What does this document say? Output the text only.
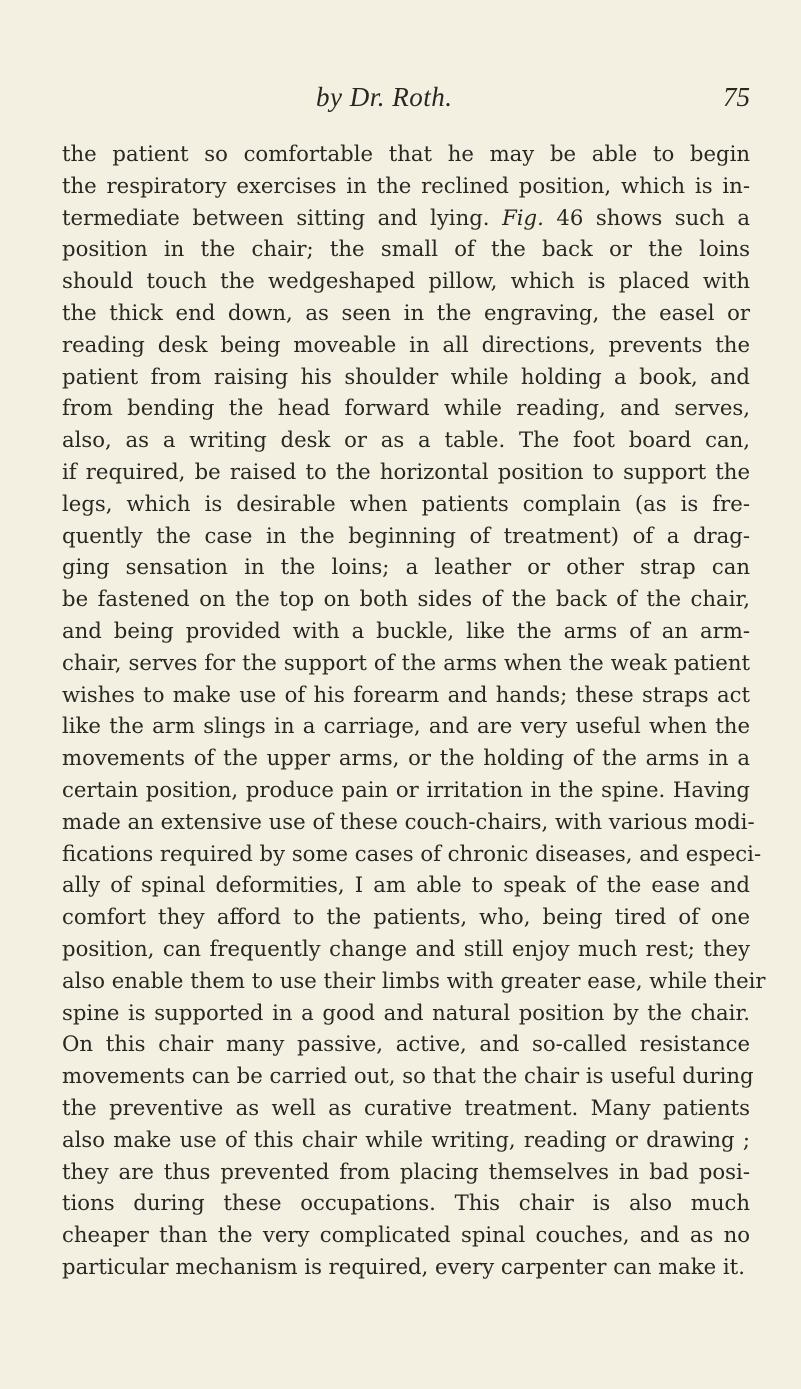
by Dr. Roth.	75
the patient so comfortable that he may be able to begin
the respiratory exercises in the reclined position, which is in-
termediate between sitting and lying. Fig. 46 shows such a
position in the chair; the small of the back or the loins
should touch the wedgeshaped pillow, which is placed with
the thick end down, as seen in the engraving, the easel or
reading desk being moveable in all directions, prevents the
patient from raising his shoulder while holding a book, and
from bending the head forward while reading, and serves,
also, as a writing desk or as a table. The foot board can,
if required, be raised to the horizontal position to support the
legs, which is desirable when patients complain (as is fre-
quently the case in the beginning of treatment) of a drag-
ging sensation in the loins; a leather or other strap can
be fastened on the top on both sides of the back of the chair,
and being provided with a buckle, like the arms of an arm-
chair, serves for the support of the arms when the weak patient
wishes to make use of his forearm and hands; these straps act
like the arm slings in a carriage, and are very useful when the
movements of the upper arms, or the holding of the arms in a
certain position, produce pain or irritation in the spine. Having
made an extensive use of these couch-chairs, with various modi-
fications required by some cases of chronic diseases, and especi-
ally of spinal deformities, I am able to speak of the ease and
comfort they afford to the patients, who, being tired of one
position, can frequently change and still enjoy much rest; they
also enable them to use their limbs with greater ease, while their
spine is supported in a good and natural position by the chair.
On this chair many passive, active, and so-called resistance
movements can be carried out, so that the chair is useful during
the preventive as well as curative treatment. Many patients
also make use of this chair while writing, reading or drawing ;
they are thus prevented from placing themselves in bad posi-
tions during these occupations. This chair is also much
cheaper than the very complicated spinal couches, and as no
particular mechanism is required, every carpenter can make it.
